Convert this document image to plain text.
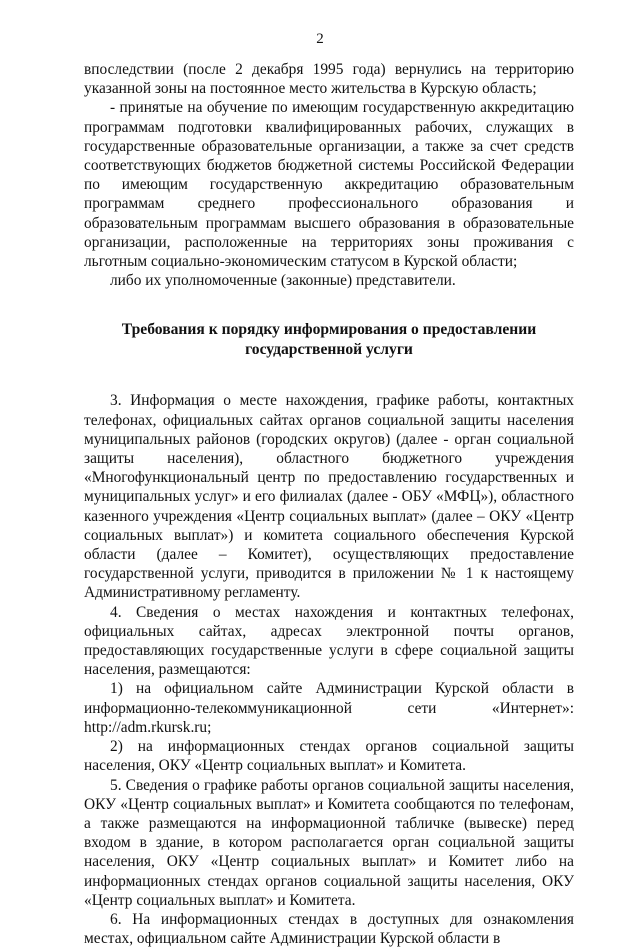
2

впоследствии (после 2 декабря 1995 года) вернулись на территорию указанной зоны на постоянное место жительства в Курскую область;

- принятые на обучение по имеющим государственную аккредитацию программам подготовки квалифицированных рабочих, служащих в государственные образовательные организации, а также за счет средств соответствующих бюджетов бюджетной системы Российской Федерации по имеющим государственную аккредитацию образовательным программам среднего профессионального образования и образовательным программам высшего образования в образовательные организации, расположенные на территориях зоны проживания с льготным социально-экономическим статусом в Курской области;

либо их уполномоченные (законные) представители.

Требования к порядку информирования о предоставлении
государственной услуги

3. Информация о месте нахождения, графике работы, контактных телефонах, официальных сайтах органов социальной защиты населения муниципальных районов (городских округов) (далее - орган социальной защиты населения), областного бюджетного учреждения «Многофункциональный центр по предоставлению государственных и муниципальных услуг» и его филиалах (далее - ОБУ «МФЦ»), областного казенного учреждения «Центр социальных выплат» (далее – ОКУ «Центр социальных выплат») и комитета социального обеспечения Курской области (далее – Комитет), осуществляющих предоставление государственной услуги, приводится в приложении № 1 к настоящему Административному регламенту.

4. Сведения о местах нахождения и контактных телефонах, официальных сайтах, адресах электронной почты органов, предоставляющих государственные услуги в сфере социальной защиты населения, размещаются:

1) на официальном сайте Администрации Курской области в информационно-телекоммуникационной сети «Интернет»: http://adm.rkursk.ru;

2) на информационных стендах органов социальной защиты населения, ОКУ «Центр социальных выплат» и Комитета.

5. Сведения о графике работы органов социальной защиты населения, ОКУ «Центр социальных выплат» и Комитета сообщаются по телефонам, а также размещаются на информационной табличке (вывеске) перед входом в здание, в котором располагается орган социальной защиты населения, ОКУ «Центр социальных выплат» и Комитет либо на информационных стендах органов социальной защиты населения, ОКУ «Центр социальных выплат» и Комитета.

6. На информационных стендах в доступных для ознакомления местах, официальном сайте Администрации Курской области в
